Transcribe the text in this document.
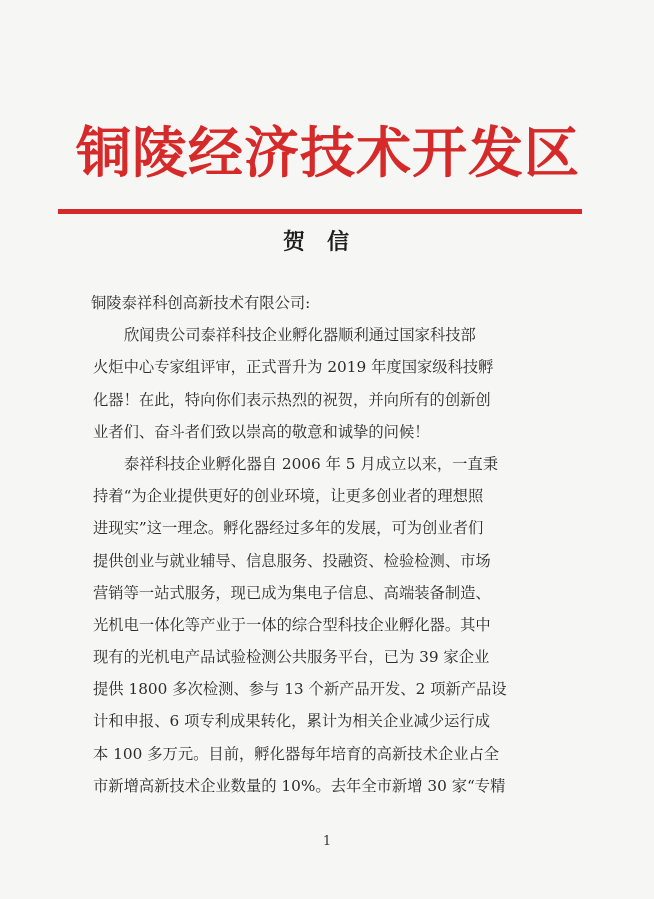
铜陵经济技术开发区
贺信
铜陵泰祥科创高新技术有限公司:
欣闻贵公司泰祥科技企业孵化器顺利通过国家科技部
火炬中心专家组评审，正式晋升为 2019 年度国家级科技孵
化器！在此，特向你们表示热烈的祝贺，并向所有的创新创
业者们、奋斗者们致以崇高的敬意和诚挚的问候！
泰祥科技企业孵化器自 2006 年 5 月成立以来，一直秉
持着“为企业提供更好的创业环境，让更多创业者的理想照
进现实”这一理念。孵化器经过多年的发展，可为创业者们
提供创业与就业辅导、信息服务、投融资、检验检测、市场
营销等一站式服务，现已成为集电子信息、高端装备制造、
光机电一体化等产业于一体的综合型科技企业孵化器。其中
现有的光机电产品试验检测公共服务平台，已为 39 家企业
提供 1800 多次检测、参与 13 个新产品开发、2 项新产品设
计和申报、6 项专利成果转化，累计为相关企业减少运行成
本 100 多万元。目前，孵化器每年培育的高新技术企业占全
市新增高新技术企业数量的 10%。去年全市新增 30 家“专精
1
